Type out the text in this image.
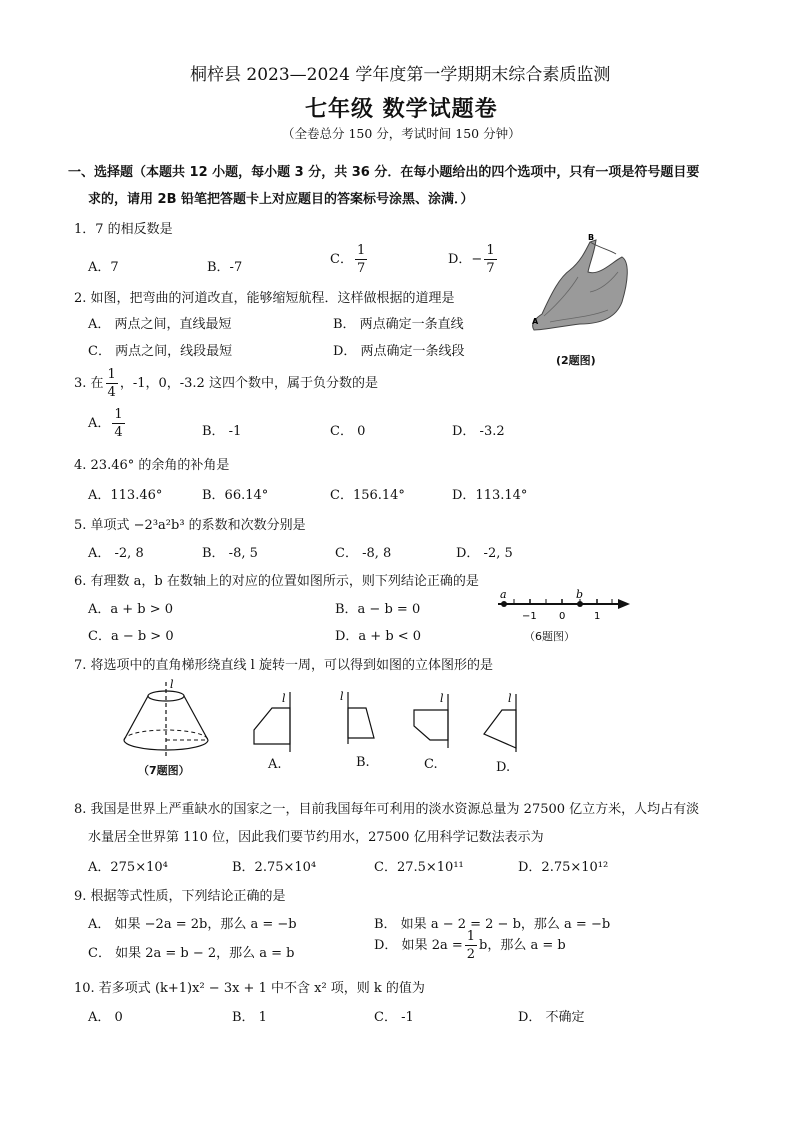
桐梓县 2023—2024 学年度第一学期期末综合素质监测
七年级 数学试题卷
（全卷总分 150 分，考试时间 150 分钟）
一、选择题（本题共 12 小题，每小题 3 分，共 36 分．在每小题给出的四个选项中，只有一项是符号题目要
求的，请用 2B 铅笔把答题卡上对应题目的答案标号涂黑、涂满．）
1．7 的相反数是
A．7	B．-7
C． $\frac{1}{7}$	D．− $\frac{1}{7}$
B
A
(2题图)
2. 如图，把弯曲的河道改直，能够缩短航程．这样做根据的道理是
A． 两点之间，直线最短	B． 两点确定一条直线
C． 两点之间，线段最短	D． 两点确定一条线段
3. 在 $\frac{1}{4}$ ，-1，0，-3.2 这四个数中，属于负分数的是
A． $\frac{1}{4}$	B． -1	C． 0	D． -3.2
4. 23.46° 的余角的补角是
A．113.46°	B．66.14°	C．156.14°	D．113.14°
5. 单项式 −2³a²b³ 的系数和次数分别是
A． -2, 8	B． -8, 5	C． -8, 8	D． -2, 5
6. 有理数 a，b 在数轴上的对应的位置如图所示，则下列结论正确的是
A．a + b > 0	B．a − b = 0
C．a − b > 0	D．a + b < 0
a	b
−1 0	1
（6题图）
7. 将选项中的直角梯形绕直线 l 旋转一周，可以得到如图的立体图形的是
l
（7题图）
l
A.
l
B.
l
C.
l
D.
8. 我国是世界上严重缺水的国家之一，目前我国每年可利用的淡水资源总量为 27500 亿立方米，人均占有淡
水量居全世界第 110 位，因此我们要节约用水，27500 亿用科学记数法表示为
A．275×10⁴	B．2.75×10⁴	C．27.5×10¹¹	D．2.75×10¹²
9. 根据等式性质，下列结论正确的是
A． 如果 −2a = 2b，那么 a = −b	B． 如果 a − 2 = 2 − b，那么 a = −b
C． 如果 2a = b − 2，那么 a = b
D． 如果 $2a = \frac{1}{2}$ b，那么 a = b
10. 若多项式 (k+1)x² − 3x + 1 中不含 x² 项，则 k 的值为
A． 0	B． 1	C． -1	D． 不确定
